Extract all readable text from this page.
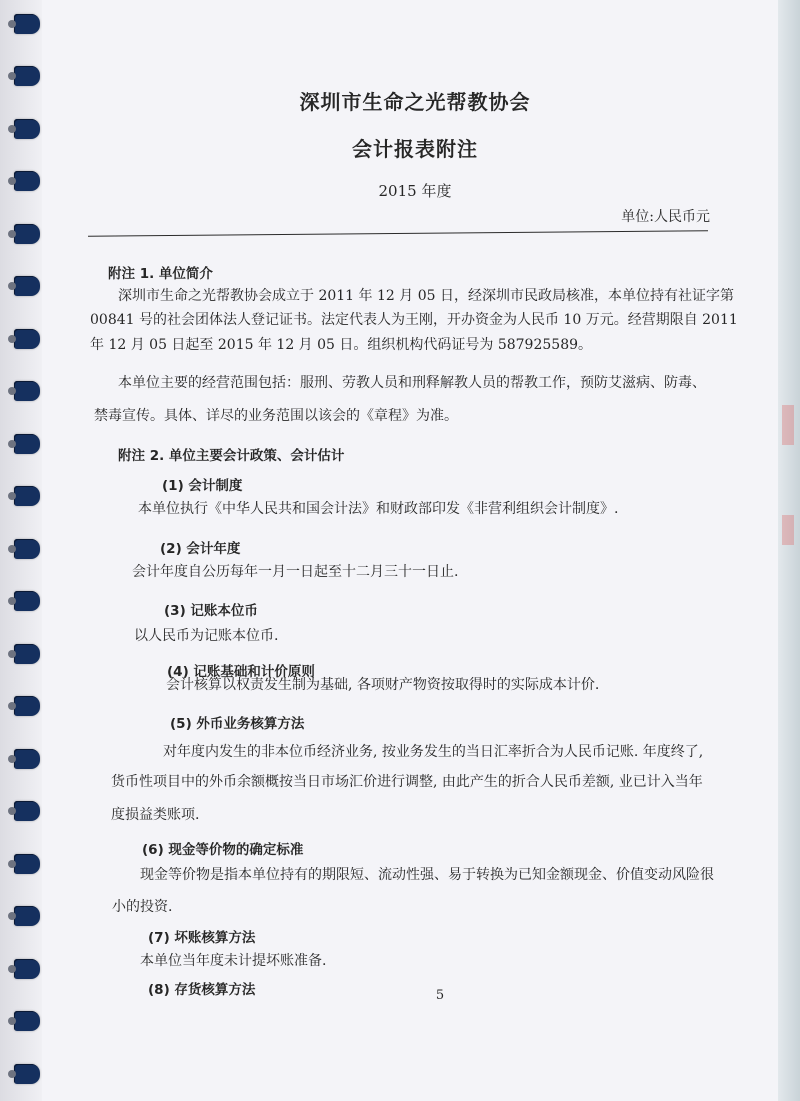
深圳市生命之光帮教协会
会计报表附注
2015 年度
单位:人民币元
附注 1. 单位简介
深圳市生命之光帮教协会成立于 2011 年 12 月 05 日，经深圳市民政局核准，本单位持有社证字第
00841 号的社会团体法人登记证书。法定代表人为王刚，开办资金为人民币 10 万元。经营期限自 2011
年 12 月 05 日起至 2015 年 12 月 05 日。组织机构代码证号为 587925589。
本单位主要的经营范围包括：服刑、劳教人员和刑释解教人员的帮教工作，预防艾滋病、防毒、
禁毒宣传。具体、详尽的业务范围以该会的《章程》为准。
附注 2. 单位主要会计政策、会计估计
(1) 会计制度
本单位执行《中华人民共和国会计法》和财政部印发《非营利组织会计制度》.
(2) 会计年度
会计年度自公历每年一月一日起至十二月三十一日止.
(3) 记账本位币
以人民币为记账本位币.
(4) 记账基础和计价原则
会计核算以权责发生制为基础, 各项财产物资按取得时的实际成本计价.
(5) 外币业务核算方法
对年度内发生的非本位币经济业务, 按业务发生的当日汇率折合为人民币记账. 年度终了,
货币性项目中的外币余额概按当日市场汇价进行调整, 由此产生的折合人民币差额, 业已计入当年
度损益类账项.
(6) 现金等价物的确定标准
现金等价物是指本单位持有的期限短、流动性强、易于转换为已知金额现金、价值变动风险很
小的投资.
(7) 坏账核算方法
本单位当年度未计提坏账准备.
(8) 存货核算方法	5
